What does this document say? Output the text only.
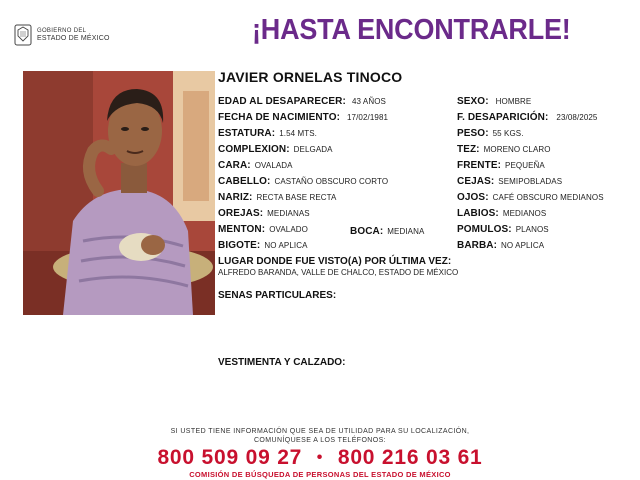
GOBIERNO DEL
ESTADO DE MÉXICO	¡HASTA ENCONTRARLE!
JAVIER ORNELAS TINOCO
EDAD AL DESAPARECER: 43 AÑOS
FECHA DE NACIMIENTO: 17/02/1981
ESTATURA: 1.54 MTS.
COMPLEXION: DELGADA
CARA: OVALADA
CABELLO: CASTAÑO OBSCURO CORTO
NARIZ: RECTA BASE RECTA
OREJAS: MEDIANAS
MENTON: OVALADO	BOCA: MEDIANA
BIGOTE: NO APLICA
SEXO: HOMBRE
F. DESAPARICIÓN: 23/08/2025
PESO: 55 KGS.
TEZ: MORENO CLARO
FRENTE: PEQUEÑA
CEJAS: SEMIPOBLADAS
OJOS: CAFÉ OBSCURO MEDIANOS
LABIOS: MEDIANOS
POMULOS: PLANOS
BARBA: NO APLICA
LUGAR DONDE FUE VISTO(A) POR ÚLTIMA VEZ:
ALFREDO BARANDA, VALLE DE CHALCO, ESTADO DE MÉXICO
SENAS PARTICULARES:
VESTIMENTA Y CALZADO:
SI USTED TIENE INFORMACIÓN QUE SEA DE UTILIDAD PARA SU LOCALIZACIÓN,
COMUNÍQUESE A LOS TELÉFONOS:
800 509 09 27 • 800 216 03 61
COMISIÓN DE BÚSQUEDA DE PERSONAS DEL ESTADO DE MÉXICO
